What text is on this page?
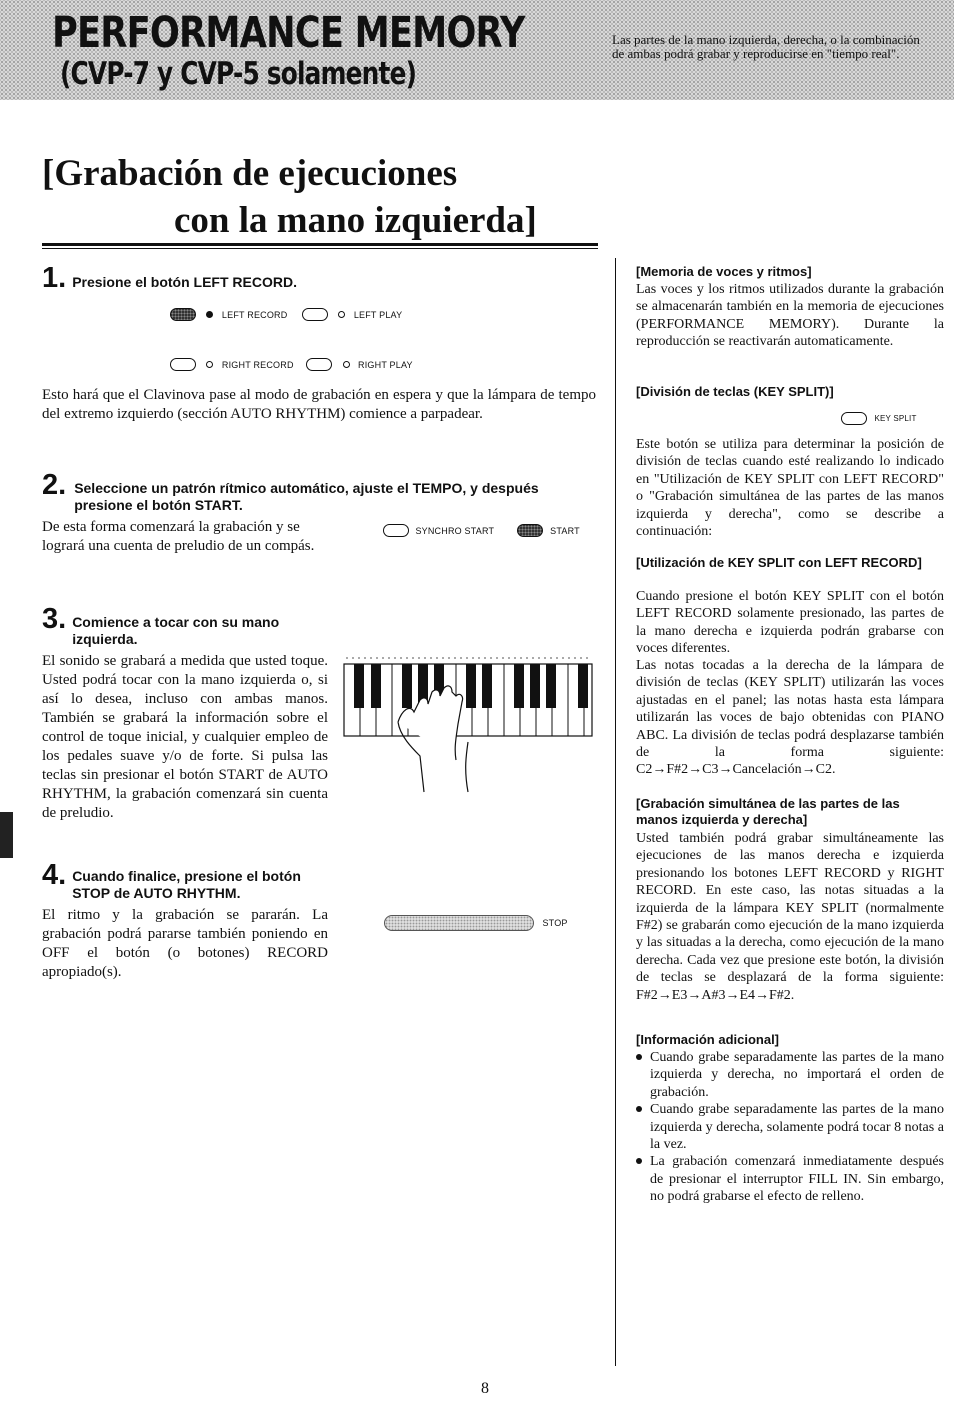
PERFORMANCE MEMORY
(CVP-7 y CVP-5 solamente)
Las partes de la mano izquierda, derecha, o la combinación de ambas podrá grabar y reproducirse en "tiempo real".
[Grabación de ejecuciones
con la mano izquierda]
1. Presione el botón LEFT RECORD.
LEFT RECORD	LEFT PLAY
RIGHT RECORD	RIGHT PLAY
Esto hará que el Clavinova pase al modo de grabación en espera y que la lámpara de tempo del extremo izquierdo (sección AUTO RHYTHM) comience a parpadear.
2. Seleccione un patrón rítmico automático, ajuste el TEMPO, y después presione el botón START.
De esta forma comenzará la grabación y se logrará una cuenta de preludio de un compás.
SYNCHRO START	START
3. Comience a tocar con su mano izquierda.
El sonido se grabará a medida que usted toque. Usted podrá tocar con la mano izquierda o, si así lo desea, incluso con ambas manos. También se grabará la información sobre el control de toque inicial, y cualquier empleo de los pedales suave y/o de forte. Si pulsa las teclas sin presionar el botón START de AUTO RHYTHM, la grabación comenzará sin cuenta de preludio.
4. Cuando finalice, presione el botón STOP de AUTO RHYTHM.
El ritmo y la grabación se pararán. La grabación podrá pararse también poniendo en OFF el botón (o botones) RECORD apropiado(s).
STOP
[Memoria de voces y ritmos]
Las voces y los ritmos utilizados durante la grabación se almacenarán también en la memoria de ejecuciones (PERFORMANCE MEMORY). Durante la reproducción se reactivarán automaticamente.
[División de teclas (KEY SPLIT)]
KEY SPLIT
Este botón se utiliza para determinar la posición de división de teclas cuando esté realizando lo indicado en "Utilización de KEY SPLIT con LEFT RECORD" o "Grabación simultánea de las partes de las manos izquierda y derecha", como se describe a continuación:
[Utilización de KEY SPLIT con LEFT RECORD]
Cuando presione el botón KEY SPLIT con el botón LEFT RECORD solamente presionado, las partes de la mano derecha e izquierda podrán grabarse con voces diferentes.
Las notas tocadas a la derecha de la lámpara de división de teclas (KEY SPLIT) utilizarán las voces ajustadas en el panel; las notas hasta esta lámpara utilizarán las voces de bajo obtenidas con PIANO ABC. La división de teclas podrá desplazarse también de la forma siguiente: C2→F#2→C3→Cancelación→C2.
[Grabación simultánea de las partes de las manos izquierda y derecha]
Usted también podrá grabar simultáneamente las ejecuciones de las manos derecha e izquierda presionando los botones LEFT RECORD y RIGHT RECORD. En este caso, las notas situadas a la izquierda de la lámpara KEY SPLIT (normalmente F#2) se grabarán como ejecución de la mano izquierda y las situadas a la derecha, como ejecución de la mano derecha. Cada vez que presione este botón, la división de teclas se desplazará de la forma siguiente: F#2→E3→A#3→E4→F#2.
[Información adicional]
Cuando grabe separadamente las partes de la mano izquierda y derecha, no importará el orden de grabación.
Cuando grabe separadamente las partes de la mano izquierda y derecha, solamente podrá tocar 8 notas a la vez.
La grabación comenzará inmediatamente después de presionar el interruptor FILL IN. Sin embargo, no podrá grabarse el efecto de relleno.
8
